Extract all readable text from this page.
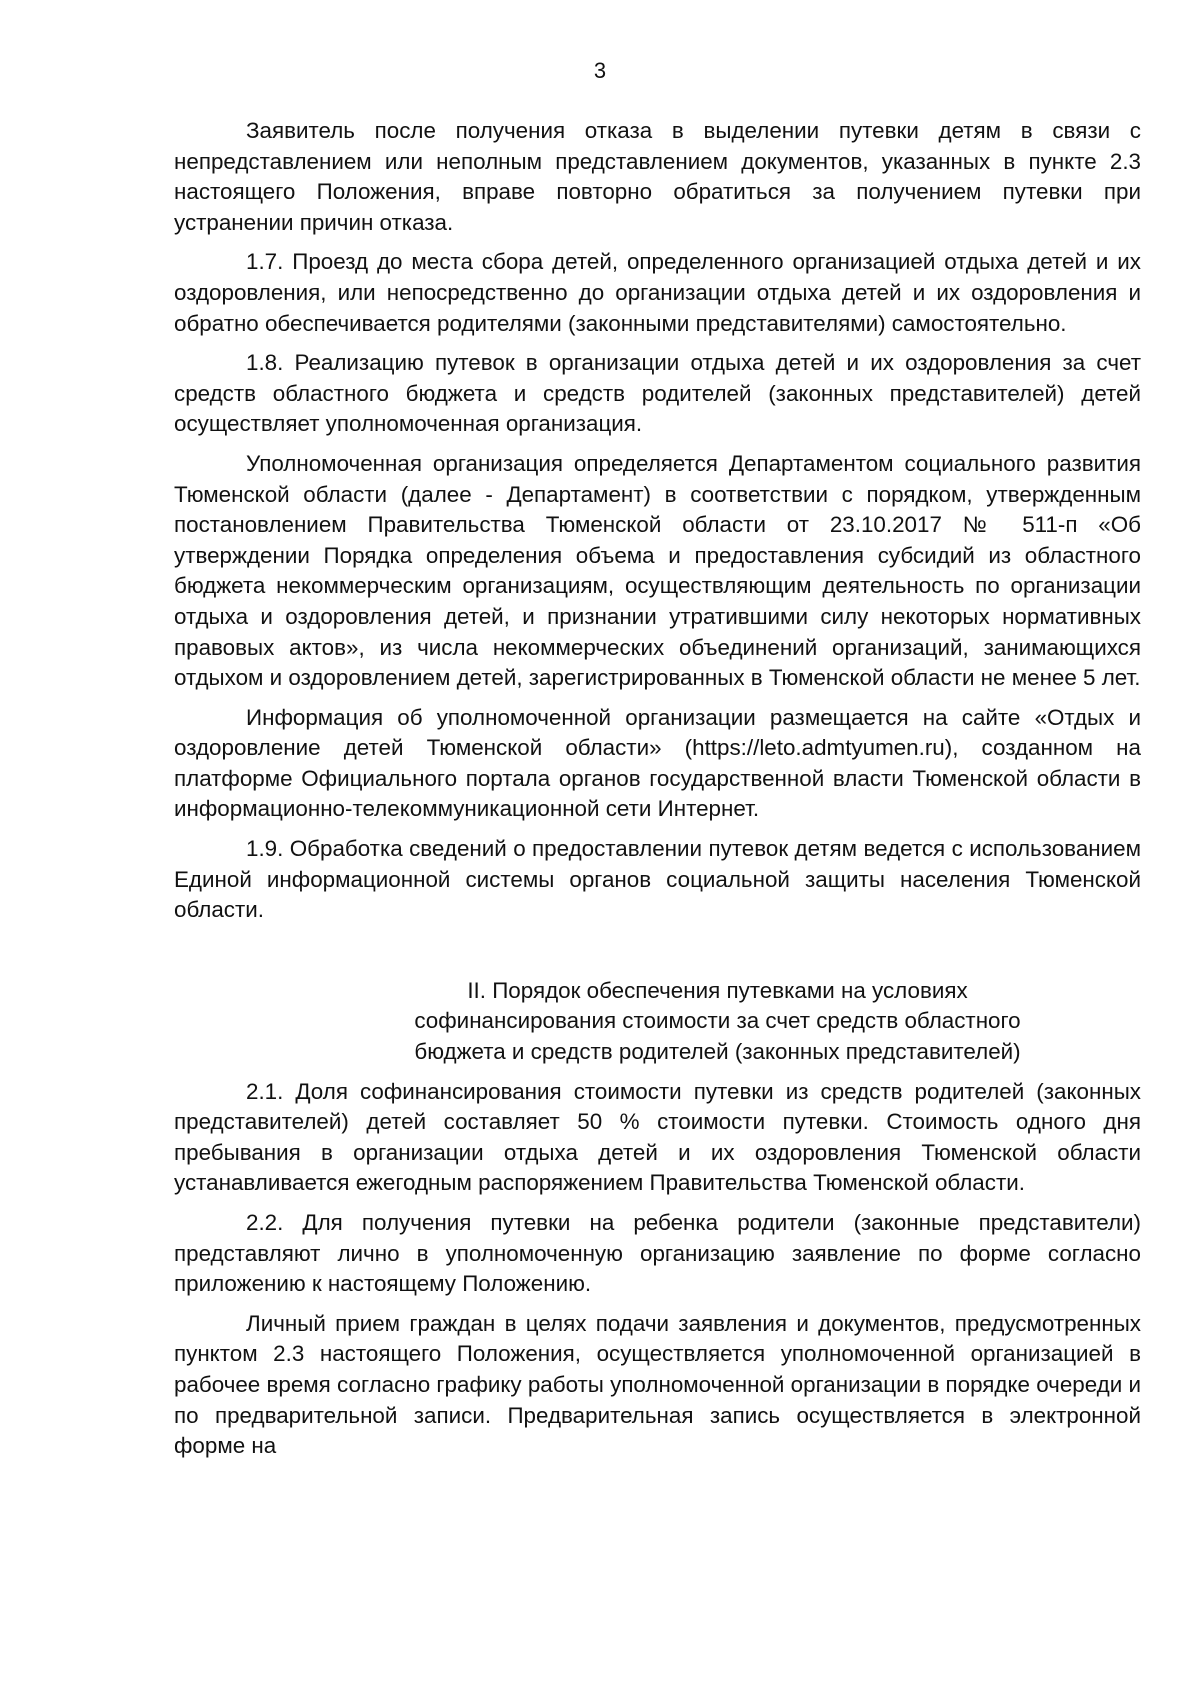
3

Заявитель после получения отказа в выделении путевки детям в связи с непредставлением или неполным представлением документов, указанных в пункте 2.3 настоящего Положения, вправе повторно обратиться за получением путевки при устранении причин отказа.

1.7. Проезд до места сбора детей, определенного организацией отдыха детей и их оздоровления, или непосредственно до организации отдыха детей и их оздоровления и обратно обеспечивается родителями (законными представителями) самостоятельно.

1.8. Реализацию путевок в организации отдыха детей и их оздоровления за счет средств областного бюджета и средств родителей (законных представителей) детей осуществляет уполномоченная организация.

Уполномоченная организация определяется Департаментом социального развития Тюменской области (далее - Департамент) в соответствии с порядком, утвержденным постановлением Правительства Тюменской области от 23.10.2017 № 511-п «Об утверждении Порядка определения объема и предоставления субсидий из областного бюджета некоммерческим организациям, осуществляющим деятельность по организации отдыха и оздоровления детей, и признании утратившими силу некоторых нормативных правовых актов», из числа некоммерческих объединений организаций, занимающихся отдыхом и оздоровлением детей, зарегистрированных в Тюменской области не менее 5 лет.

Информация об уполномоченной организации размещается на сайте «Отдых и оздоровление детей Тюменской области» (https://leto.admtyumen.ru), созданном на платформе Официального портала органов государственной власти Тюменской области в информационно-телекоммуникационной сети Интернет.

1.9. Обработка сведений о предоставлении путевок детям ведется с использованием Единой информационной системы органов социальной защиты населения Тюменской области.

II. Порядок обеспечения путевками на условиях
софинансирования стоимости за счет средств областного
бюджета и средств родителей (законных представителей)

2.1. Доля софинансирования стоимости путевки из средств родителей (законных представителей) детей составляет 50 % стоимости путевки. Стоимость одного дня пребывания в организации отдыха детей и их оздоровления Тюменской области устанавливается ежегодным распоряжением Правительства Тюменской области.

2.2. Для получения путевки на ребенка родители (законные представители) представляют лично в уполномоченную организацию заявление по форме согласно приложению к настоящему Положению.

Личный прием граждан в целях подачи заявления и документов, предусмотренных пунктом 2.3 настоящего Положения, осуществляется уполномоченной организацией в рабочее время согласно графику работы уполномоченной организации в порядке очереди и по предварительной записи. Предварительная запись осуществляется в электронной форме на
